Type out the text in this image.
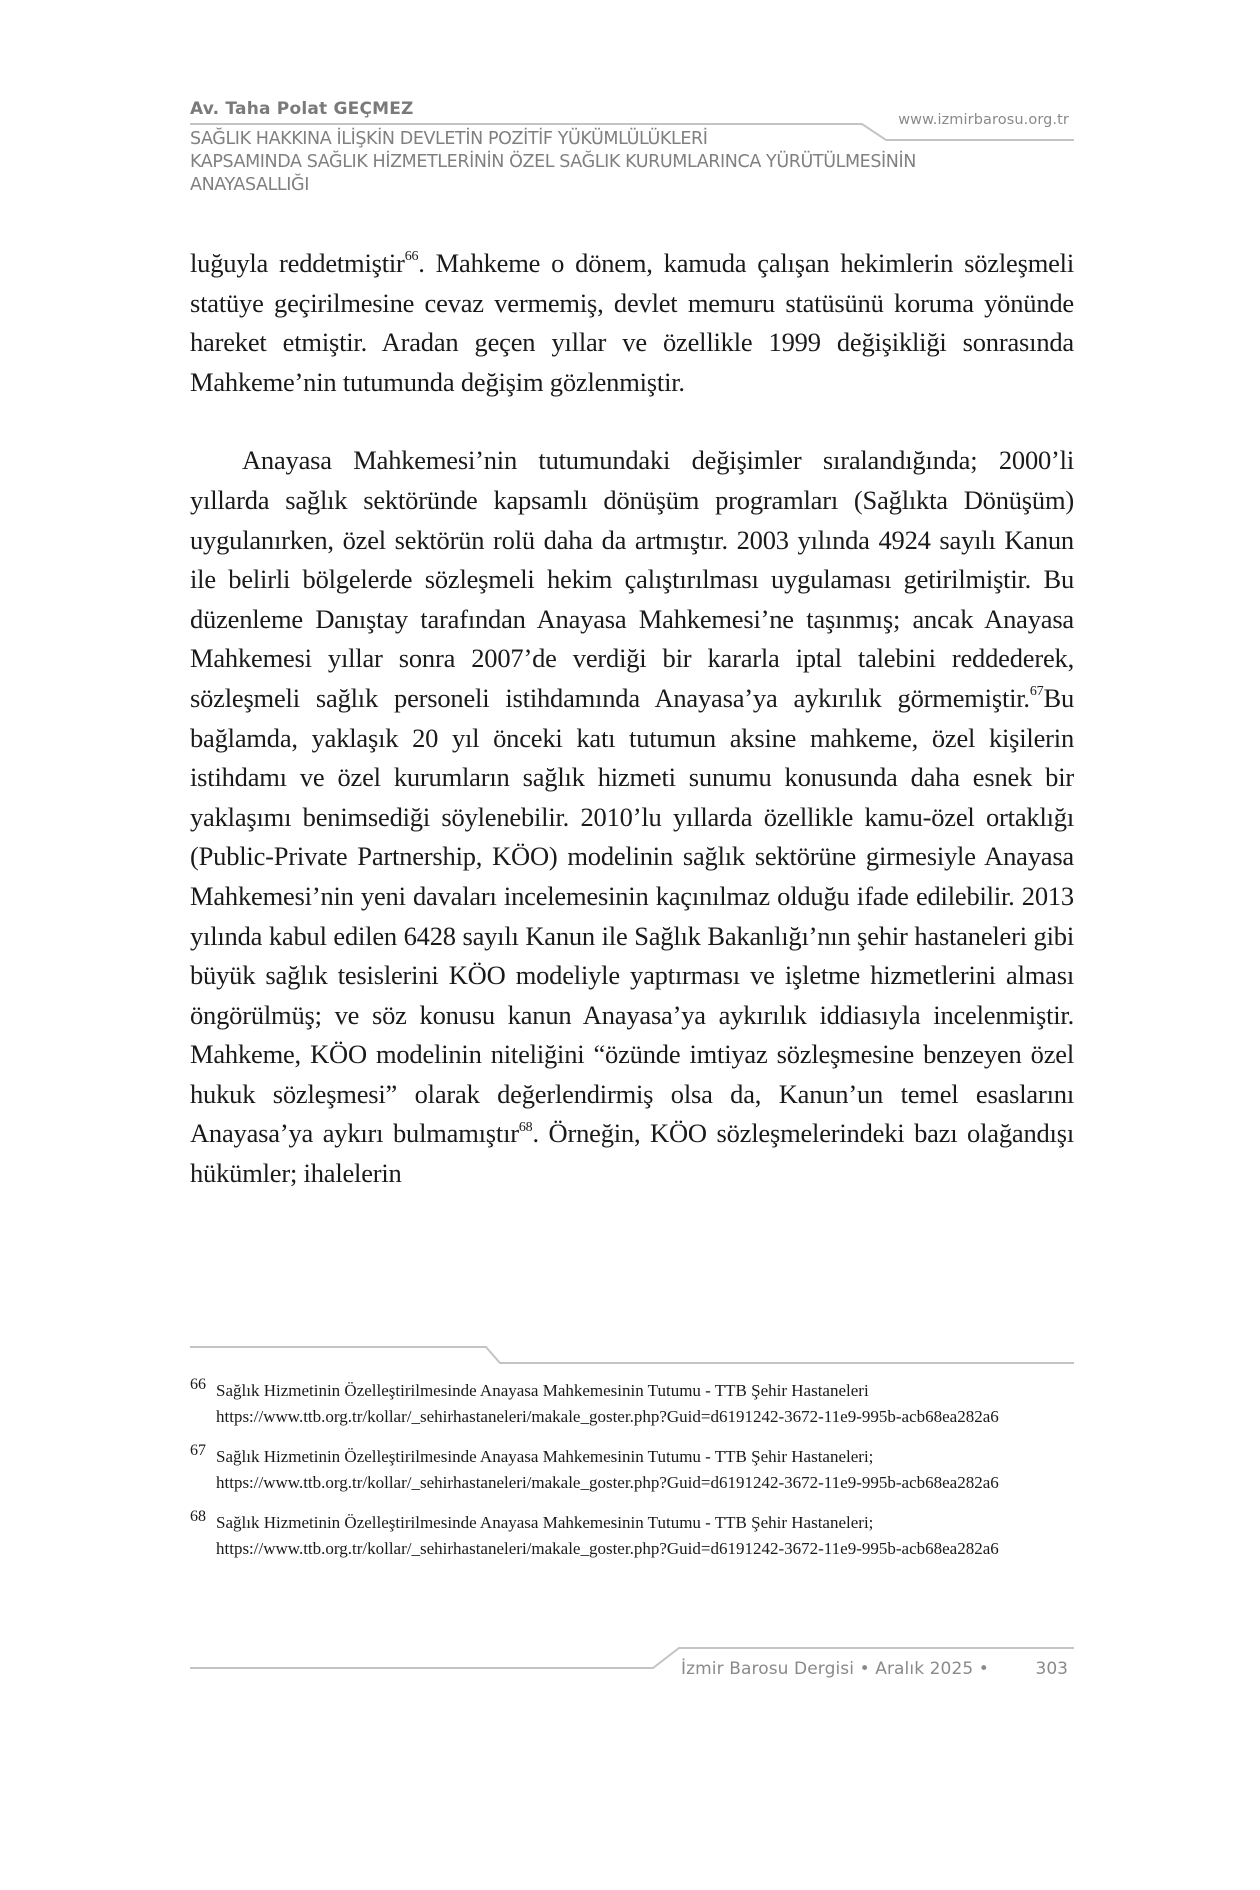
Av. Taha Polat GEÇMEZ
www.izmirbarosu.org.tr
SAĞLIK HAKKINA İLİŞKİN DEVLETİN POZİTİF YÜKÜMLÜLÜKLERİ
KAPSAMINDA SAĞLIK HİZMETLERİNİN ÖZEL SAĞLIK KURUMLARINCA YÜRÜTÜLMESİNİN
ANAYASALLIĞI

luğuyla reddetmiştir$^{66}$. Mahkeme o dönem, kamuda çalışan hekimlerin sözleşmeli statüye geçirilmesine cevaz vermemiş, devlet memuru statüsünü koruma yönünde hareket etmiştir. Aradan geçen yıllar ve özellikle 1999 değişikliği sonrasında Mahkeme’nin tutumunda değişim gözlenmiştir.

Anayasa Mahkemesi’nin tutumundaki değişimler sıralandığında; 2000’li yıllarda sağlık sektöründe kapsamlı dönüşüm programları (Sağlıkta Dönüşüm) uygulanırken, özel sektörün rolü daha da artmıştır. 2003 yılında 4924 sayılı Kanun ile belirli bölgelerde sözleşmeli hekim çalıştırılması uygulaması getirilmiştir. Bu düzenleme Danıştay tarafından Anayasa Mahkemesi’ne taşınmış; ancak Anayasa Mahkemesi yıllar sonra 2007’de verdiği bir kararla iptal talebini reddederek, sözleşmeli sağlık personeli istihdamında Anayasa’ya aykırılık görmemiştir.$^{67}$Bu bağlamda, yaklaşık 20 yıl önceki katı tutumun aksine mahkeme, özel kişilerin istihdamı ve özel kurumların sağlık hizmeti sunumu konusunda daha esnek bir yaklaşımı benimsediği söylenebilir. 2010’lu yıllarda özellikle kamu-özel ortaklığı (Public-Private Partnership, KÖO) modelinin sağlık sektörüne girmesiyle Anayasa Mahkemesi’nin yeni davaları incelemesinin kaçınılmaz olduğu ifade edilebilir. 2013 yılında kabul edilen 6428 sayılı Kanun ile Sağlık Bakanlığı’nın şehir hastaneleri gibi büyük sağlık tesislerini KÖO modeliyle yaptırması ve işletme hizmetlerini alması öngörülmüş; ve söz konusu kanun Anayasa’ya aykırılık iddiasıyla incelenmiştir. Mahkeme, KÖO modelinin niteliğini “özünde imtiyaz sözleşmesine benzeyen özel hukuk sözleşmesi” olarak değerlendirmiş olsa da, Kanun’un temel esaslarını Anayasa’ya aykırı bulmamıştır$^{68}$. Örneğin, KÖO sözleşmelerindeki bazı olağandışı hükümler; ihalelerin

66 Sağlık Hizmetinin Özelleştirilmesinde Anayasa Mahkemesinin Tutumu - TTB Şehir Hastaneleri
https://www.ttb.org.tr/kollar/_sehirhastaneleri/makale_goster.php?Guid=d6191242-3672-11e9-995b-acb68ea282a6
67 Sağlık Hizmetinin Özelleştirilmesinde Anayasa Mahkemesinin Tutumu - TTB Şehir Hastaneleri;
https://www.ttb.org.tr/kollar/_sehirhastaneleri/makale_goster.php?Guid=d6191242-3672-11e9-995b-acb68ea282a6
68 Sağlık Hizmetinin Özelleştirilmesinde Anayasa Mahkemesinin Tutumu - TTB Şehir Hastaneleri;
https://www.ttb.org.tr/kollar/_sehirhastaneleri/makale_goster.php?Guid=d6191242-3672-11e9-995b-acb68ea282a6
İzmir Barosu Dergisi • Aralık 2025 •	303
